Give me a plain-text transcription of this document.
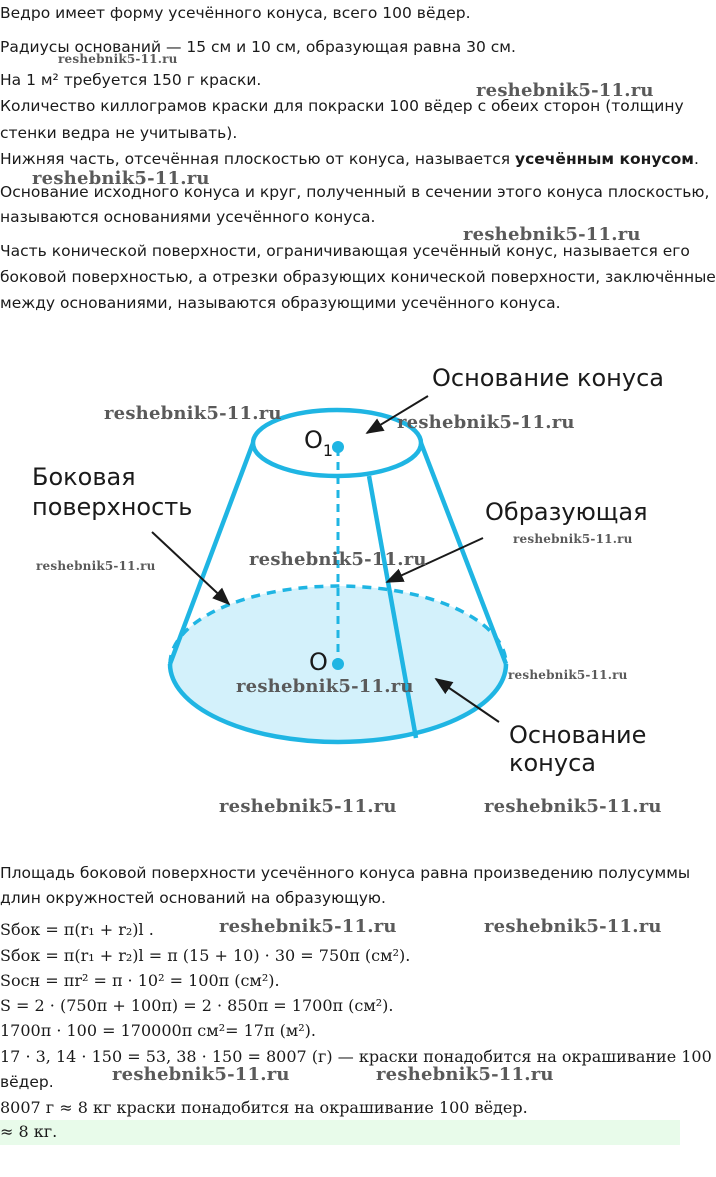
Ведро имеет форму усечённого конуса, всего 100 вёдер.
Радиусы оснований — 15 см и 10 см, образующая равна 30 см.
На 1 м² требуется 150 г краски.
Количество киллограмов краски для покраски 100 вёдер с обеих сторон (толщину
стенки ведра не учитывать).
Нижняя часть, отсечённая плоскостью от конуса, называется усечённым конусом.
Основание исходного конуса и круг, полученный в сечении этого конуса плоскостью,
называются основаниями усечённого конуса.
Часть конической поверхности, ограничивающая усечённый конус, называется его
боковой поверхностью, а отрезки образующих конической поверхности, заключённые
между основаниями, называются образующими усечённого конуса.
$O_1$
O
Основание конуса
Боковая
поверхность	Образующая
Основание
конуса
Площадь боковой поверхности усечённого конуса равна произведению полусуммы
длин окружностей оснований на образующую.
Sбок = π(r₁ + r₂)l .
Sбок = π(r₁ + r₂)l = π (15 + 10) · 30 = 750π (см²).
Sосн = πr² = π · 10² = 100π (см²).
S = 2 · (750π + 100π) = 2 · 850π = 1700π (см²).
1700π · 100 = 170000π см²= 17π (м²).
17 · 3, 14 · 150 = 53, 38 · 150 = 8007 (г) — краски понадобится на окрашивание 100
вёдер.
8007 г ≈ 8 кг краски понадобится на окрашивание 100 вёдер.
≈ 8 кг.
reshebnik5-11.ru
reshebnik5-11.ru
reshebnik5-11.ru
reshebnik5-11.ru
reshebnik5-11.ru	reshebnik5-11.ru
reshebnik5-11.ru
reshebnik5-11.ru
reshebnik5-11.ru
reshebnik5-11.ru
reshebnik5-11.ru
reshebnik5-11.ru	reshebnik5-11.ru
reshebnik5-11.ru	reshebnik5-11.ru
reshebnik5-11.ru	reshebnik5-11.ru
